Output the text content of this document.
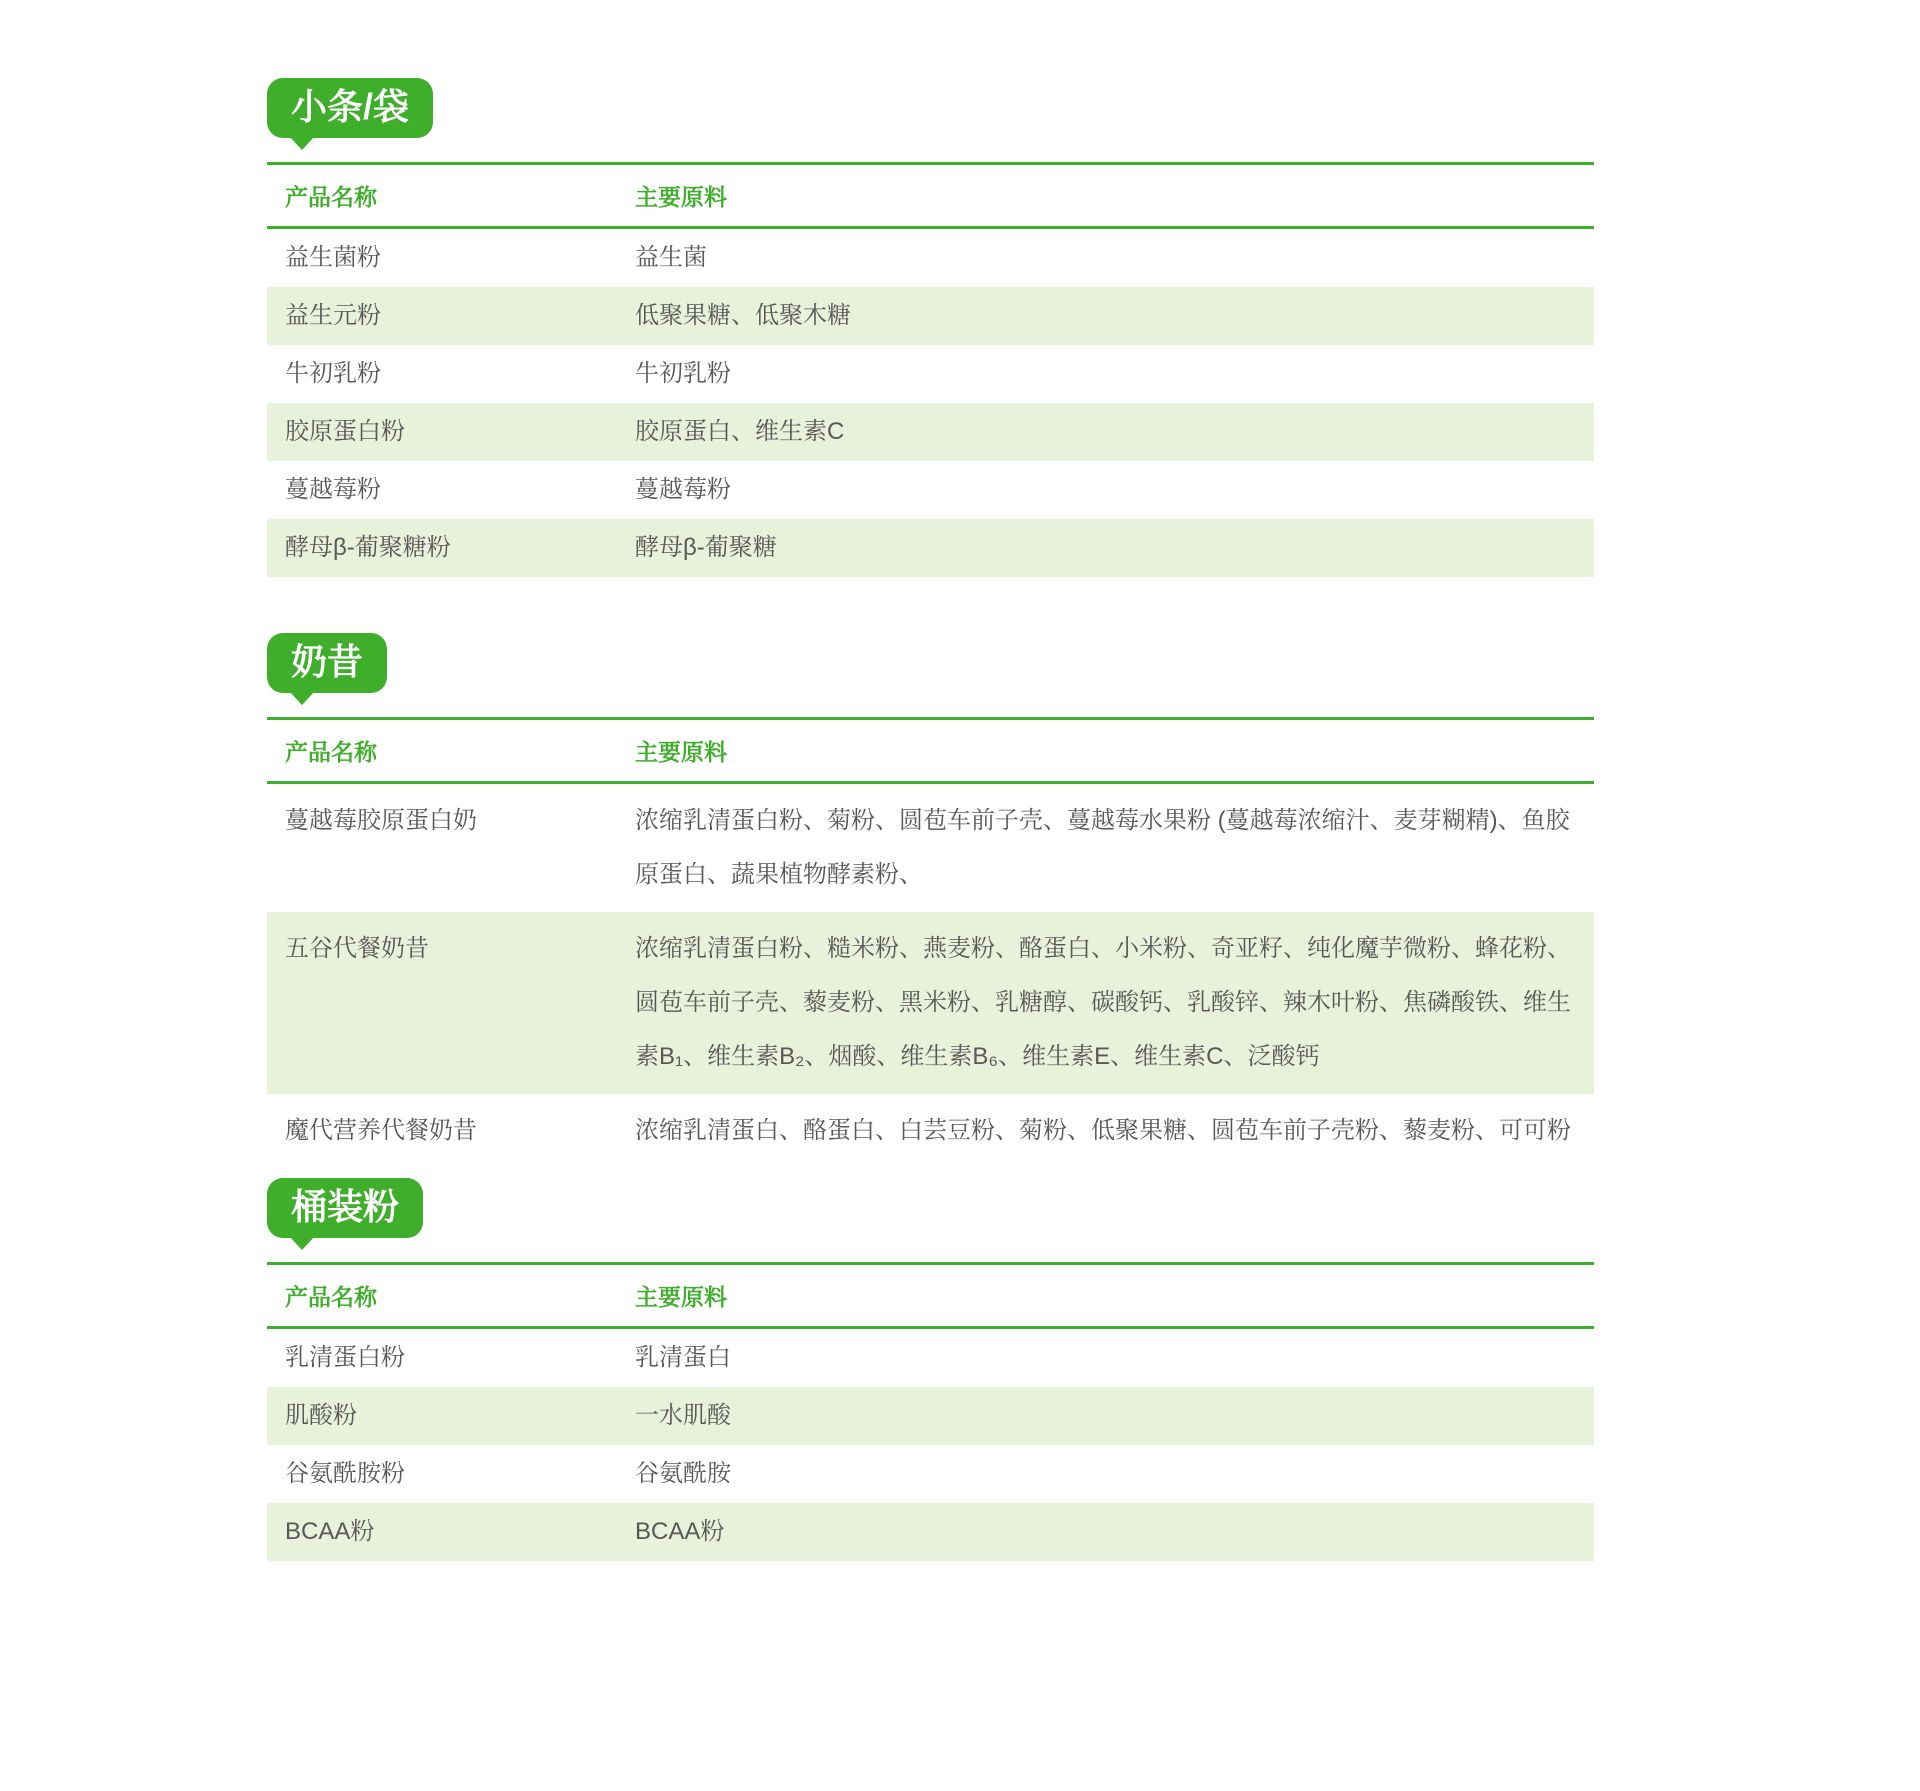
小条/袋
产品名称	主要原料
益生菌粉	益生菌
益生元粉	低聚果糖、低聚木糖
牛初乳粉	牛初乳粉
胶原蛋白粉	胶原蛋白、维生素C
蔓越莓粉	蔓越莓粉
酵母β-葡聚糖粉	酵母β-葡聚糖
奶昔
产品名称	主要原料
蔓越莓胶原蛋白奶	浓缩乳清蛋白粉、菊粉、圆苞车前子壳、蔓越莓水果粉 (蔓越莓浓缩汁、麦芽糊精)、鱼胶原蛋白、蔬果植物酵素粉、
五谷代餐奶昔	浓缩乳清蛋白粉、糙米粉、燕麦粉、酪蛋白、小米粉、奇亚籽、纯化魔芋微粉、蜂花粉、圆苞车前子壳、藜麦粉、黑米粉、乳糖醇、碳酸钙、乳酸锌、辣木叶粉、焦磷酸铁、维生素B₁、维生素B₂、烟酸、维生素B₆、维生素E、维生素C、泛酸钙
魔代营养代餐奶昔	浓缩乳清蛋白、酪蛋白、白芸豆粉、菊粉、低聚果糖、圆苞车前子壳粉、藜麦粉、可可粉
桶装粉
产品名称	主要原料
乳清蛋白粉	乳清蛋白
肌酸粉	一水肌酸
谷氨酰胺粉	谷氨酰胺
BCAA粉	BCAA粉
